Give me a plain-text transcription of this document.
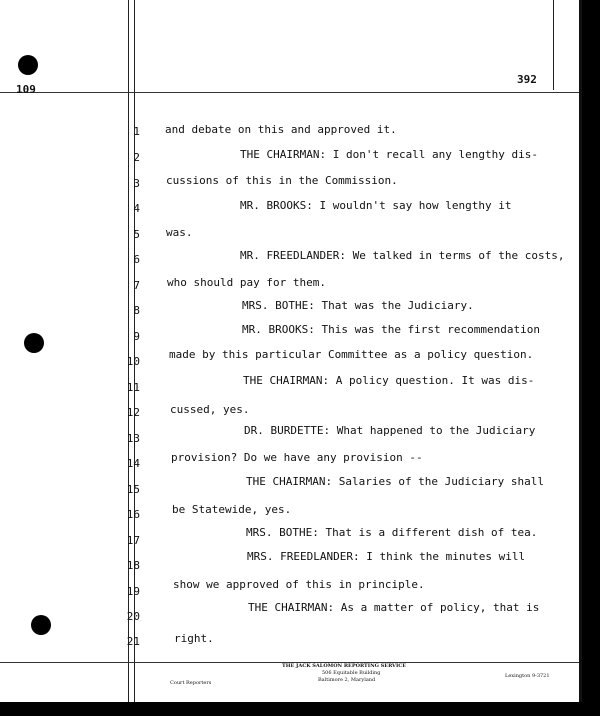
109
392
1 and debate on this and approved it.
2	THE CHAIRMAN: I don't recall any lengthy dis-
3 cussions of this in the Commission.
4	MR. BROOKS: I wouldn't say how lengthy it
5 was.
6	MR. FREEDLANDER: We talked in terms of the costs,
7 who should pay for them.
8	MRS. BOTHE: That was the Judiciary.
9
MR. BROOKS: This was the first recommendation
10
made by this particular Committee as a policy question.
11
THE CHAIRMAN: A policy question. It was dis-
12	cussed, yes.
13
DR. BURDETTE: What happened to the Judiciary
14	provision? Do we have any provision --
15
THE CHAIRMAN: Salaries of the Judiciary shall
16	be Statewide, yes.
17
MRS. BOTHE: That is a different dish of tea.
18
MRS. FREEDLANDER: I think the minutes will
19
show we approved of this in principle.
20
THE CHAIRMAN: As a matter of policy, that is
21	right.
THE JACK SALOMON REPORTING SERVICE
506 Equitable Building
Baltimore 2, Maryland
Court Reporters
Lexington 9-3721
